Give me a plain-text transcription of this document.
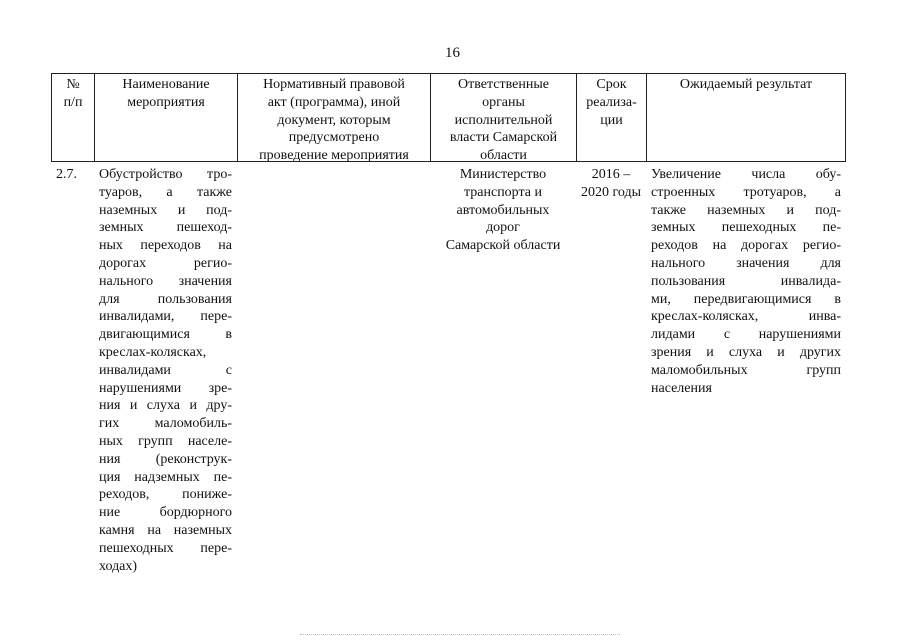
16
№
п/п
Наименование
мероприятия
Нормативный правовой
акт (программа), иной
документ, которым
предусмотрено
проведение мероприятия
Ответственные
органы
исполнительной
власти Самарской
области
Срок
реализа-
ции
Ожидаемый результат
2.7.	Обустройство тро-
туаров, а также
наземных и под-
земных пешеход-
ных переходов на
дорогах регио-
нального значения
для пользования
инвалидами, пере-
двигающимися в
креслах-колясках,
инвалидами с
нарушениями зре-
ния и слуха и дру-
гих маломобиль-
ных групп населе-
ния (реконструк-
ция надземных пе-
реходов, пониже-
ние бордюрного
камня на наземных
пешеходных пере-
ходах)
Министерство
транспорта и
автомобильных
дорог
Самарской области
2016 –
2020 годы
Увеличение числа обу-
строенных тротуаров, а
также наземных и под-
земных пешеходных пе-
реходов на дорогах регио-
нального значения для
пользования инвалида-
ми, передвигающимися в
креслах-колясках, инва-
лидами с нарушениями
зрения и слуха и других
маломобильных групп
населения
